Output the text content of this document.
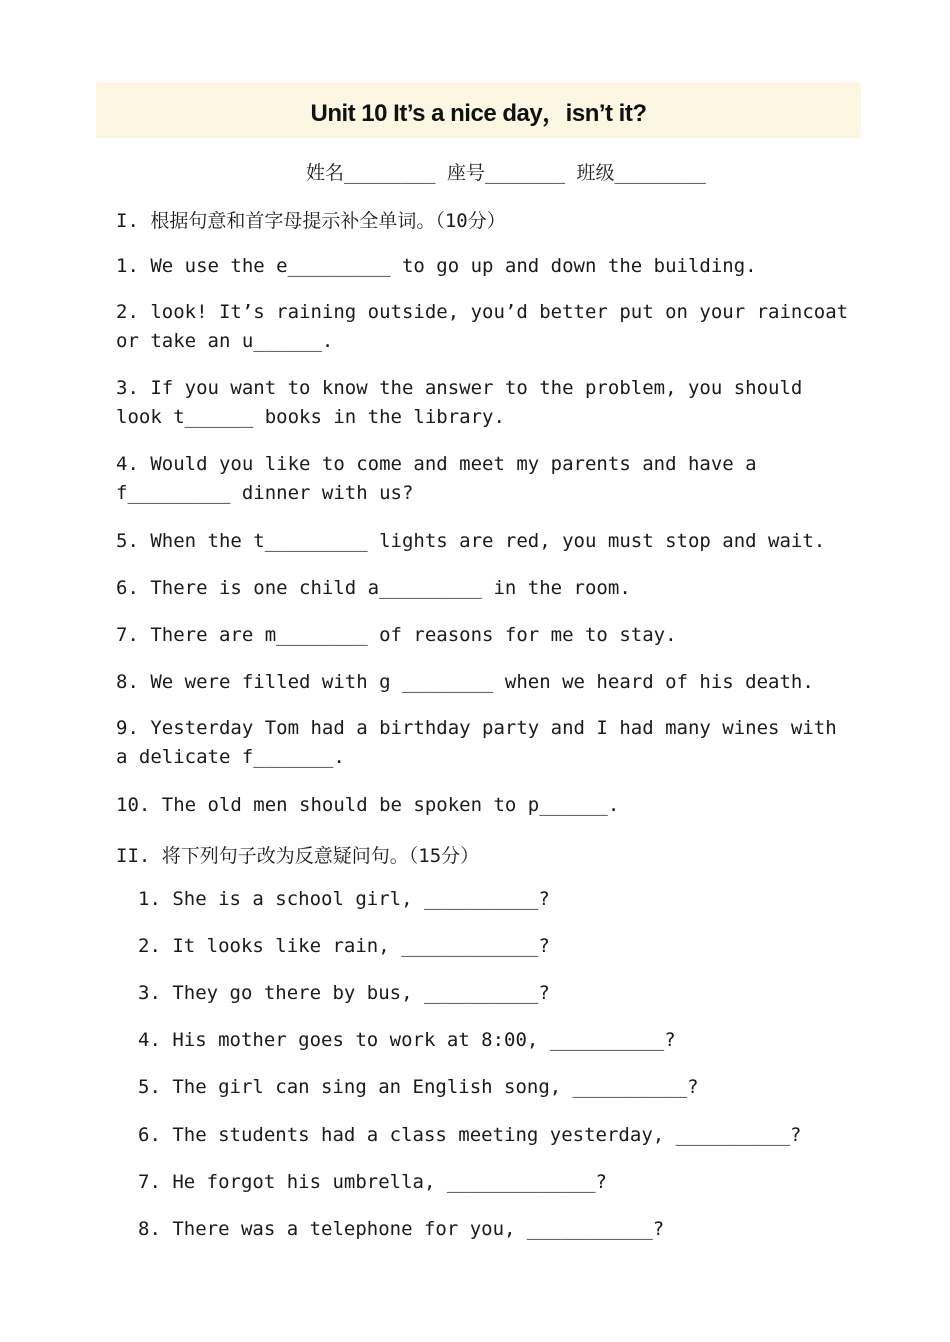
Unit 10 It’s a nice day，isn’t it?
姓名________ 座号_______ 班级________
I. 根据句意和首字母提示补全单词。（10分）
1. We use the e_________ to go up and down the building.
2. look! It’s raining outside, you’d better put on your raincoat or take an u______.
3. If you want to know the answer to the problem, you should look t______ books in the library.
4. Would you like to come and meet my parents and have a f_________ dinner with us?
5. When the t_________ lights are red, you must stop and wait.
6. There is one child a_________ in the room.
7. There are m________ of reasons for me to stay.
8. We were filled with g ________ when we heard of his death.
9. Yesterday Tom had a birthday party and I had many wines with a delicate f_______.
10. The old men should be spoken to p______.
II. 将下列句子改为反意疑问句。（15分）
1. She is a school girl, __________?
2. It looks like rain, ____________?
3. They go there by bus, __________?
4. His mother goes to work at 8:00, __________?
5. The girl can sing an English song, __________?
6. The students had a class meeting yesterday, __________?
7. He forgot his umbrella, _____________?
8. There was a telephone for you, ___________?
